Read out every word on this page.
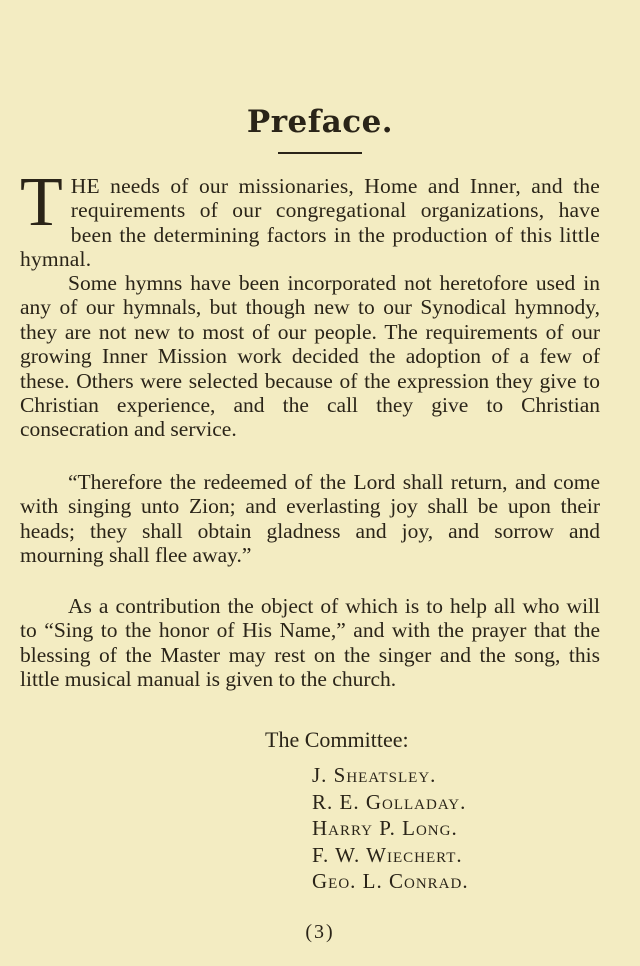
Preface.
T HE needs of our missionaries, Home and Inner, and the requirements of our congregational organizations, have been the determining factors in the production of this little hymnal.

Some hymns have been incorporated not heretofore used in any of our hymnals, but though new to our Synodical hymnody, they are not new to most of our people. The requirements of our growing Inner Mission work decided the adoption of a few of these. Others were selected because of the expression they give to Christian experience, and the call they give to Christian consecration and service.

“Therefore the redeemed of the Lord shall return, and come with singing unto Zion; and everlasting joy shall be upon their heads; they shall obtain gladness and joy, and sorrow and mourning shall flee away.”

As a contribution the object of which is to help all who will to “Sing to the honor of His Name,” and with the prayer that the blessing of the Master may rest on the singer and the song, this little musical manual is given to the church.

The Committee:

J. Sheatsley.
R. E. Golladay.
Harry P. Long.
F. W. Wiechert.
Geo. L. Conrad.
(3)
